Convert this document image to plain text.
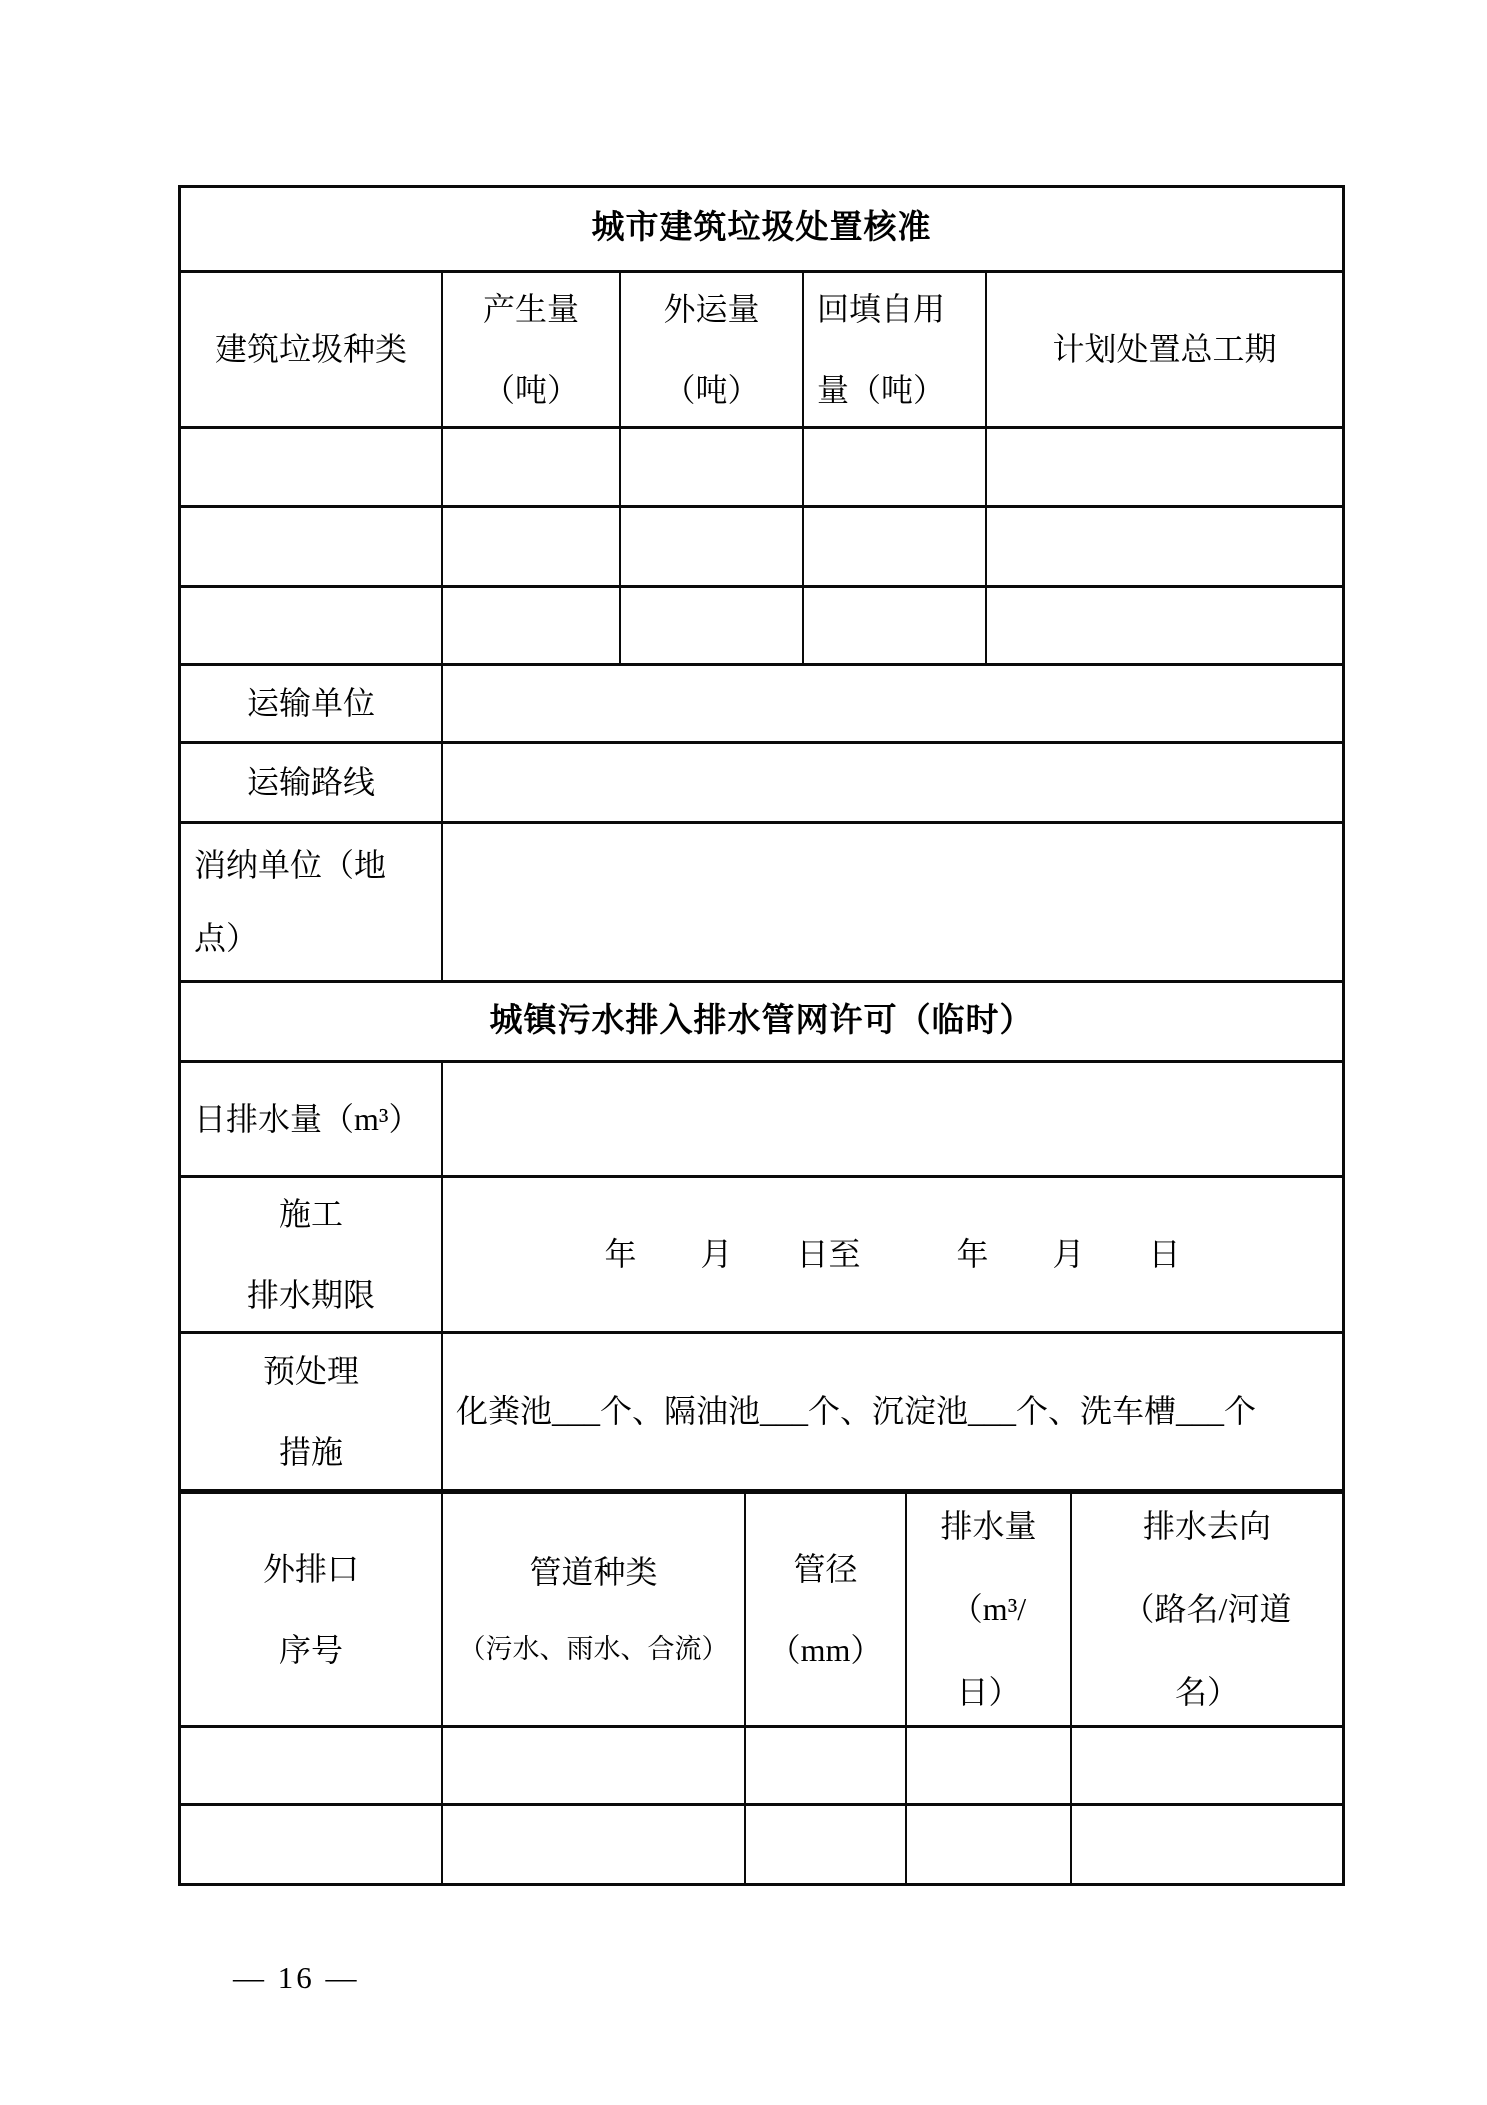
城市建筑垃圾处置核准
建筑垃圾种类
产生量
（吨）
外运量
（吨）
回填自用
量（吨）
计划处置总工期
运输单位
运输路线
消纳单位（地
点）
城镇污水排入排水管网许可（临时）
日排水量（m³）
施工
排水期限
年　　月　　日至　　　年　　月　　日
预处理
措施
化粪池___个、隔油池___个、沉淀池___个、洗车槽___个
外排口
序号
管道种类
（污水、雨水、合流）
管径
（mm）
排水量
（m³/
日）
排水去向
（路名/河道
名）
— 16 —
